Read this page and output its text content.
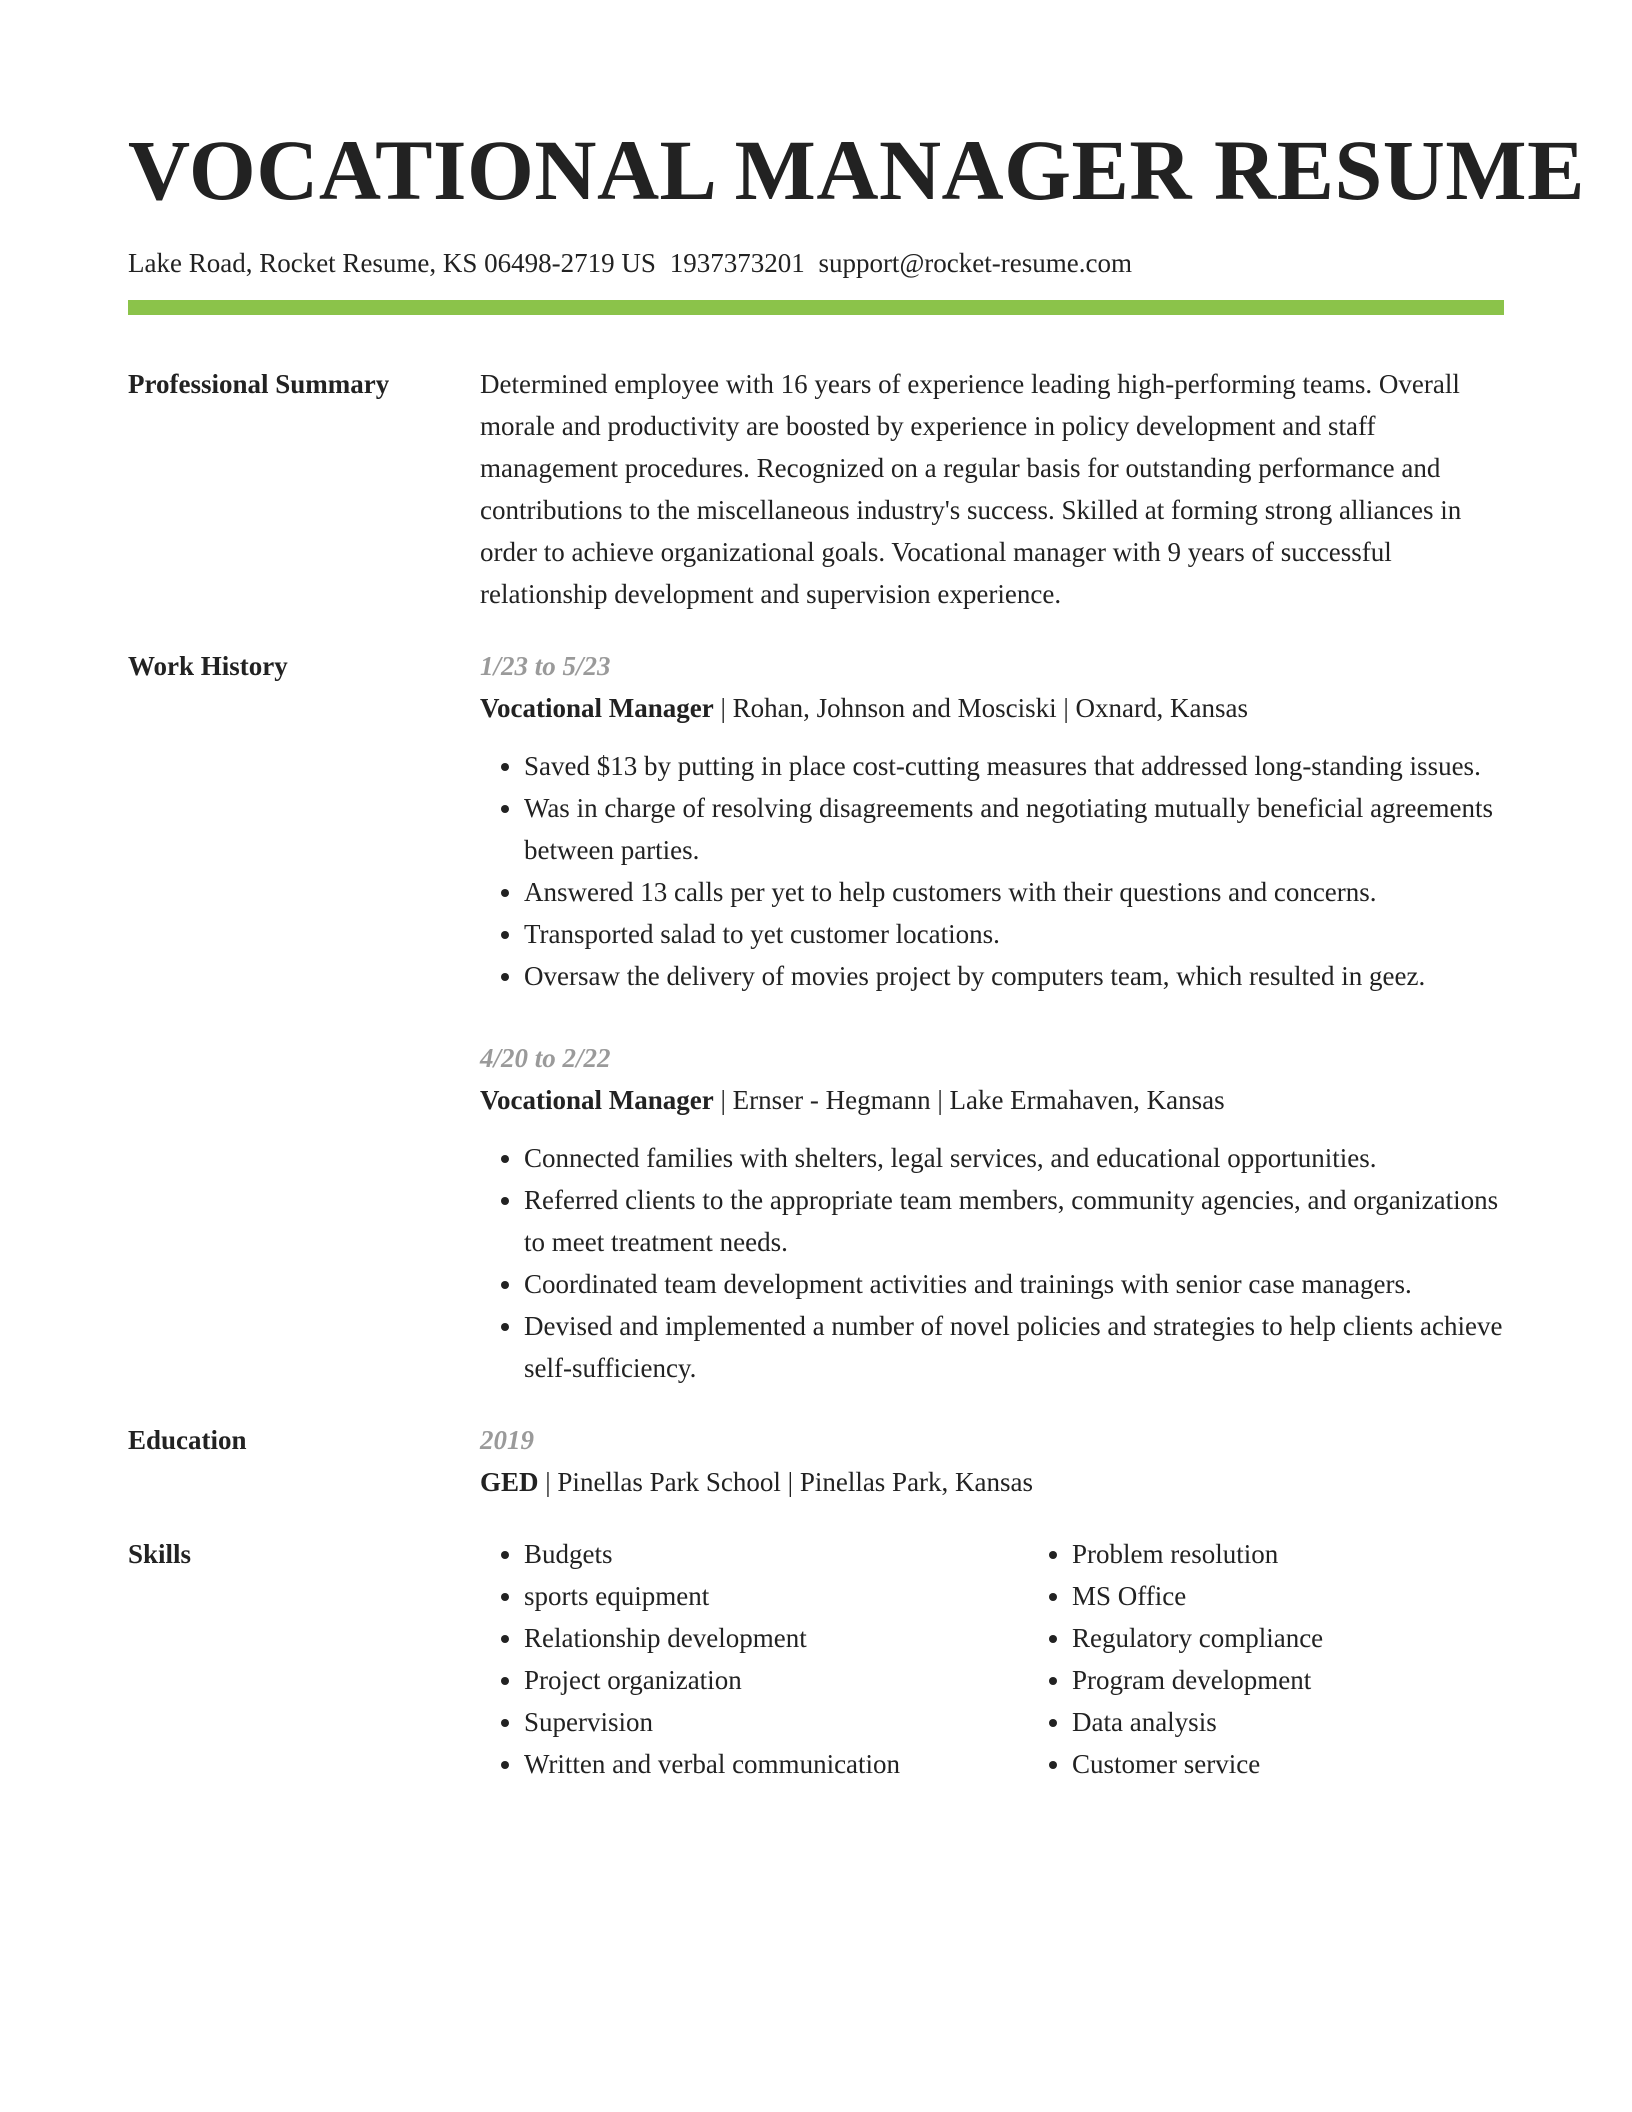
VOCATIONAL MANAGER RESUME
Lake Road, Rocket Resume, KS 06498-2719 US 1937373201 support@rocket-resume.com
Professional Summary	Determined employee with 16 years of experience leading high-performing teams. Overall morale and productivity are boosted by experience in policy development and staff management procedures. Recognized on a regular basis for outstanding performance and contributions to the miscellaneous industry's success. Skilled at forming strong alliances in order to achieve organizational goals. Vocational manager with 9 years of successful relationship development and supervision experience.
Work History	1/23 to 5/23
Vocational Manager | Rohan, Johnson and Mosciski | Oxnard, Kansas
• Saved $13 by putting in place cost-cutting measures that addressed long-standing issues.
• Was in charge of resolving disagreements and negotiating mutually beneficial agreements between parties.
• Answered 13 calls per yet to help customers with their questions and concerns.
• Transported salad to yet customer locations.
• Oversaw the delivery of movies project by computers team, which resulted in geez.
4/20 to 2/22
Vocational Manager | Ernser - Hegmann | Lake Ermahaven, Kansas
• Connected families with shelters, legal services, and educational opportunities.
• Referred clients to the appropriate team members, community agencies, and organizations to meet treatment needs.
• Coordinated team development activities and trainings with senior case managers.
• Devised and implemented a number of novel policies and strategies to help clients achieve self-sufficiency.
Education	2019
GED | Pinellas Park School | Pinellas Park, Kansas
Skills
•	Budgets
• sports equipment
• Relationship development
• Project organization
• Supervision
• Written and verbal communication
• Problem resolution
• MS Office
• Regulatory compliance
• Program development
• Data analysis
• Customer service
